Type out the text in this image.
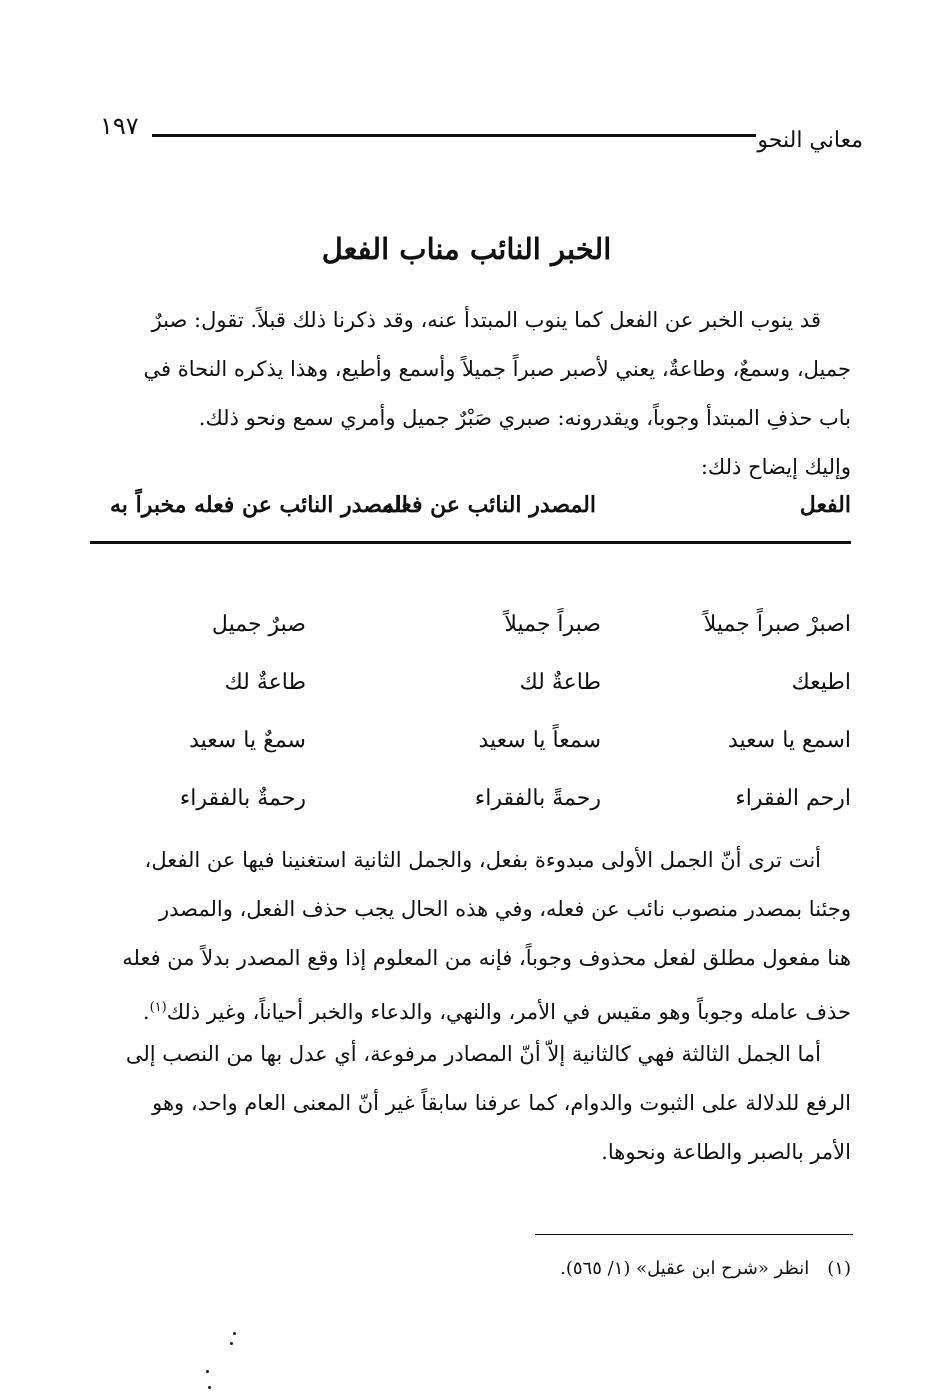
معاني النحو
١٩٧
الخبر النائب مناب الفعل

قد ينوب الخبر عن الفعل كما ينوب المبتدأ عنه، وقد ذكرنا ذلك قبلاً. تقول: صبرٌ

جميل، وسمعٌ، وطاعةٌ، يعني لأصبر صبراً جميلاً وأسمع وأطيع، وهذا يذكره النحاة في

باب حذفِ المبتدأ وجوباً، ويقدرونه: صبري صَبْرٌ جميل وأمري سمع ونحو ذلك.

وإليك إيضاح ذلك:

الفعل
المصدر النائب عن فعله
المصدر النائب عن فعله مخبراً به
اصبرْ صبراً جميلاً
صبراً جميلاً
صبرٌ جميل
اطيعك
طاعةٌ لك
طاعةٌ لك
اسمع يا سعيد
سمعاً يا سعيد
سمعٌ يا سعيد
ارحم الفقراء
رحمةً بالفقراء
رحمةٌ بالفقراء

أنت ترى أنّ الجمل الأولى مبدوءة بفعل، والجمل الثانية استغنينا فيها عن الفعل،

وجئنا بمصدر منصوب نائب عن فعله، وفي هذه الحال يجب حذف الفعل، والمصدر

هنا مفعول مطلق لفعل محذوف وجوباً، فإنه من المعلوم إذا وقع المصدر بدلاً من فعله

حذف عامله وجوباً وهو مقيس في الأمر، والنهي، والدعاء والخبر أحياناً، وغير ذلك$^{(١)}$.

أما الجمل الثالثة فهي كالثانية إلاّ أنّ المصادر مرفوعة، أي عدل بها من النصب إلى

الرفع للدلالة على الثبوت والدوام، كما عرفنا سابقاً غير أنّ المعنى العام واحد، وهو

الأمر بالصبر والطاعة ونحوها.

(١)انظر «شرح ابن عقيل» (١/ ٥٦٥).
